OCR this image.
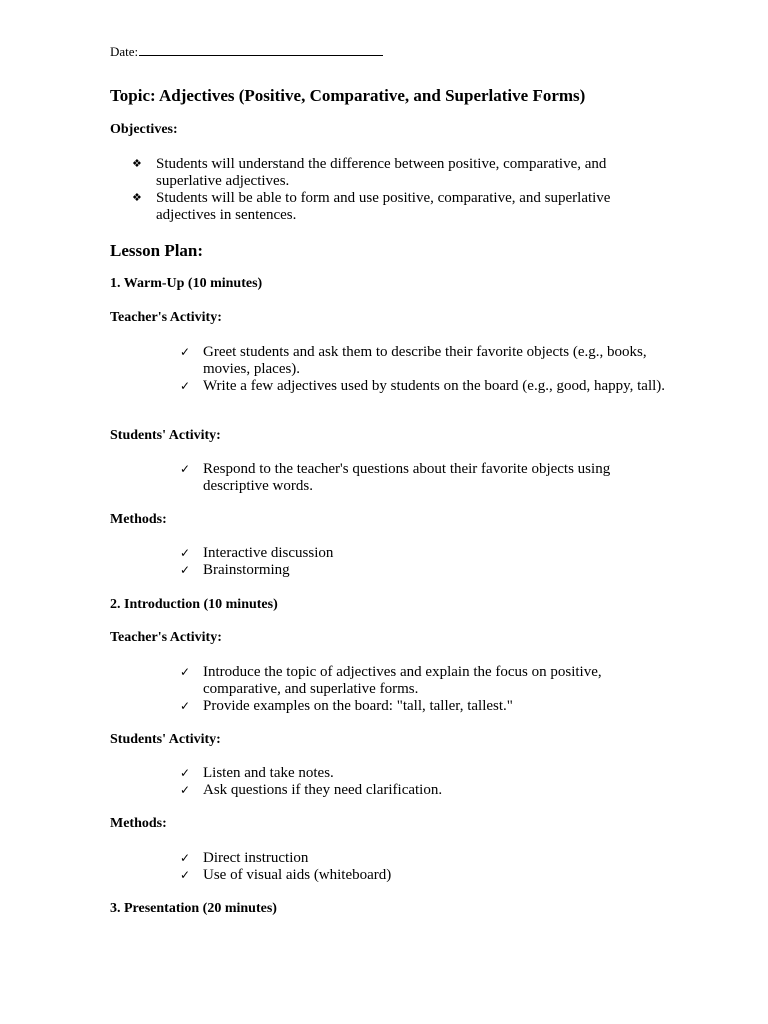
Date:
Topic: Adjectives (Positive, Comparative, and Superlative Forms)
Objectives:
❖ Students will understand the difference between positive, comparative, and superlative adjectives.
❖ Students will be able to form and use positive, comparative, and superlative adjectives in sentences.
Lesson Plan:
1. Warm-Up (10 minutes)
Teacher's Activity:
✓ Greet students and ask them to describe their favorite objects (e.g., books, movies, places).
✓ Write a few adjectives used by students on the board (e.g., good, happy, tall).
Students' Activity:
✓ Respond to the teacher's questions about their favorite objects using descriptive words.
Methods:
✓ Interactive discussion
✓ Brainstorming
2. Introduction (10 minutes)
Teacher's Activity:
✓ Introduce the topic of adjectives and explain the focus on positive, comparative, and superlative forms.
✓ Provide examples on the board: "tall, taller, tallest."
Students' Activity:
✓ Listen and take notes.
✓ Ask questions if they need clarification.
Methods:
✓ Direct instruction
✓ Use of visual aids (whiteboard)
3. Presentation (20 minutes)
